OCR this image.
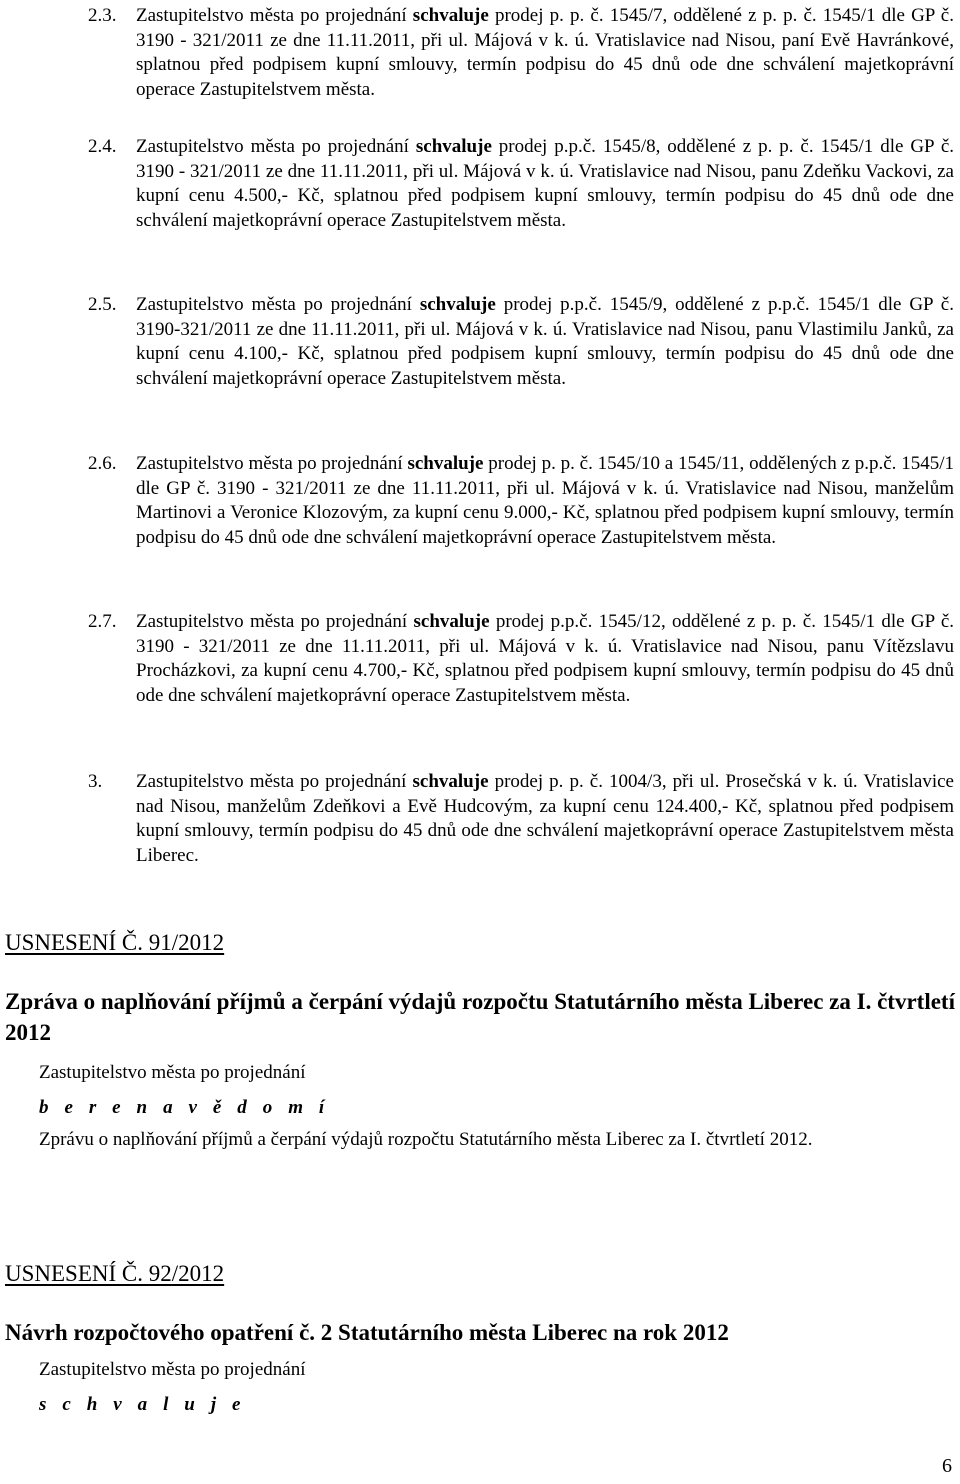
2.3. Zastupitelstvo města po projednání schvaluje prodej p. p. č. 1545/7, oddělené z p. p. č. 1545/1 dle GP č. 3190 - 321/2011 ze dne 11.11.2011, při ul. Májová v k. ú. Vratislavice nad Nisou, paní Evě Havránkové, splatnou před podpisem kupní smlouvy, termín podpisu do 45 dnů ode dne schválení majetkoprávní operace Zastupitelstvem města.
2.4. Zastupitelstvo města po projednání schvaluje prodej p.p.č. 1545/8, oddělené z p. p. č. 1545/1 dle GP č. 3190 - 321/2011 ze dne 11.11.2011, při ul. Májová v k. ú. Vratislavice nad Nisou, panu Zdeňku Vackovi, za kupní cenu 4.500,- Kč, splatnou před podpisem kupní smlouvy, termín podpisu do 45 dnů ode dne schválení majetkoprávní operace Zastupitelstvem města.
2.5. Zastupitelstvo města po projednání schvaluje prodej p.p.č. 1545/9, oddělené z p.p.č. 1545/1 dle GP č. 3190-321/2011 ze dne 11.11.2011, při ul. Májová v k. ú. Vratislavice nad Nisou, panu Vlastimilu Janků, za kupní cenu 4.100,- Kč, splatnou před podpisem kupní smlouvy, termín podpisu do 45 dnů ode dne schválení majetkoprávní operace Zastupitelstvem města.
2.6. Zastupitelstvo města po projednání schvaluje prodej p. p. č. 1545/10 a 1545/11, oddělených z p.p.č. 1545/1 dle GP č. 3190 - 321/2011 ze dne 11.11.2011, při ul. Májová v k. ú. Vratislavice nad Nisou, manželům Martinovi a Veronice Klozovým, za kupní cenu 9.000,- Kč, splatnou před podpisem kupní smlouvy, termín podpisu do 45 dnů ode dne schválení majetkoprávní operace Zastupitelstvem města.
2.7. Zastupitelstvo města po projednání schvaluje prodej p.p.č. 1545/12, oddělené z p. p. č. 1545/1 dle GP č. 3190 - 321/2011 ze dne 11.11.2011, při ul. Májová v k. ú. Vratislavice nad Nisou, panu Vítězslavu Procházkovi, za kupní cenu 4.700,- Kč, splatnou před podpisem kupní smlouvy, termín podpisu do 45 dnů ode dne schválení majetkoprávní operace Zastupitelstvem města.
3. Zastupitelstvo města po projednání schvaluje prodej p. p. č. 1004/3, při ul. Prosečská v k. ú. Vratislavice nad Nisou, manželům Zdeňkovi a Evě Hudcovým, za kupní cenu 124.400,- Kč, splatnou před podpisem kupní smlouvy, termín podpisu do 45 dnů ode dne schválení majetkoprávní operace Zastupitelstvem města Liberec.
USNESENÍ Č. 91/2012
Zpráva o naplňování příjmů a čerpání výdajů rozpočtu Statutárního města Liberec za I. čtvrtletí 2012
Zastupitelstvo města po projednání
b e r e n a v ě d o m í
Zprávu o naplňování příjmů a čerpání výdajů rozpočtu Statutárního města Liberec za I. čtvrtletí 2012.
USNESENÍ Č. 92/2012
Návrh rozpočtového opatření č. 2 Statutárního města Liberec na rok 2012
Zastupitelstvo města po projednání
s c h v a l u j e
6
